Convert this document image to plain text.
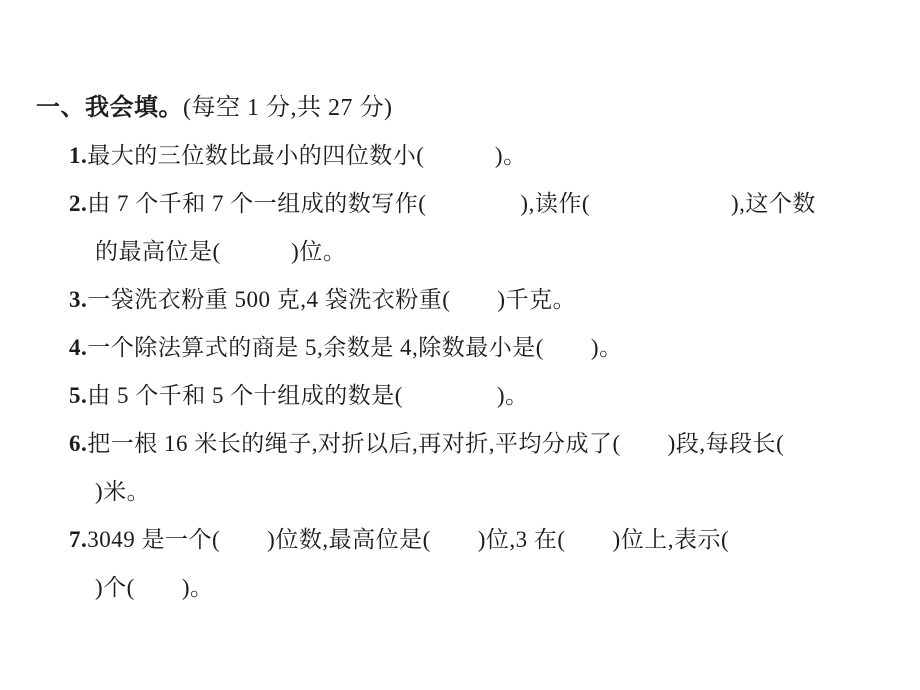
一、我会填。(每空 1 分,共 27 分)
1.最大的三位数比最小的四位数小(　　　)。
2.由 7 个千和 7 个一组成的数写作(　　　　),读作(　　　　　　),这个数
的最高位是(　　　)位。
3.一袋洗衣粉重 500 克,4 袋洗衣粉重(　　)千克。
4.一个除法算式的商是 5,余数是 4,除数最小是(　　)。
5.由 5 个千和 5 个十组成的数是(　　　　)。
6.把一根 16 米长的绳子,对折以后,再对折,平均分成了(　　)段,每段长(
)米。
7.3049 是一个(　　)位数,最高位是(　　)位,3 在(　　)位上,表示(
)个(　　)。
